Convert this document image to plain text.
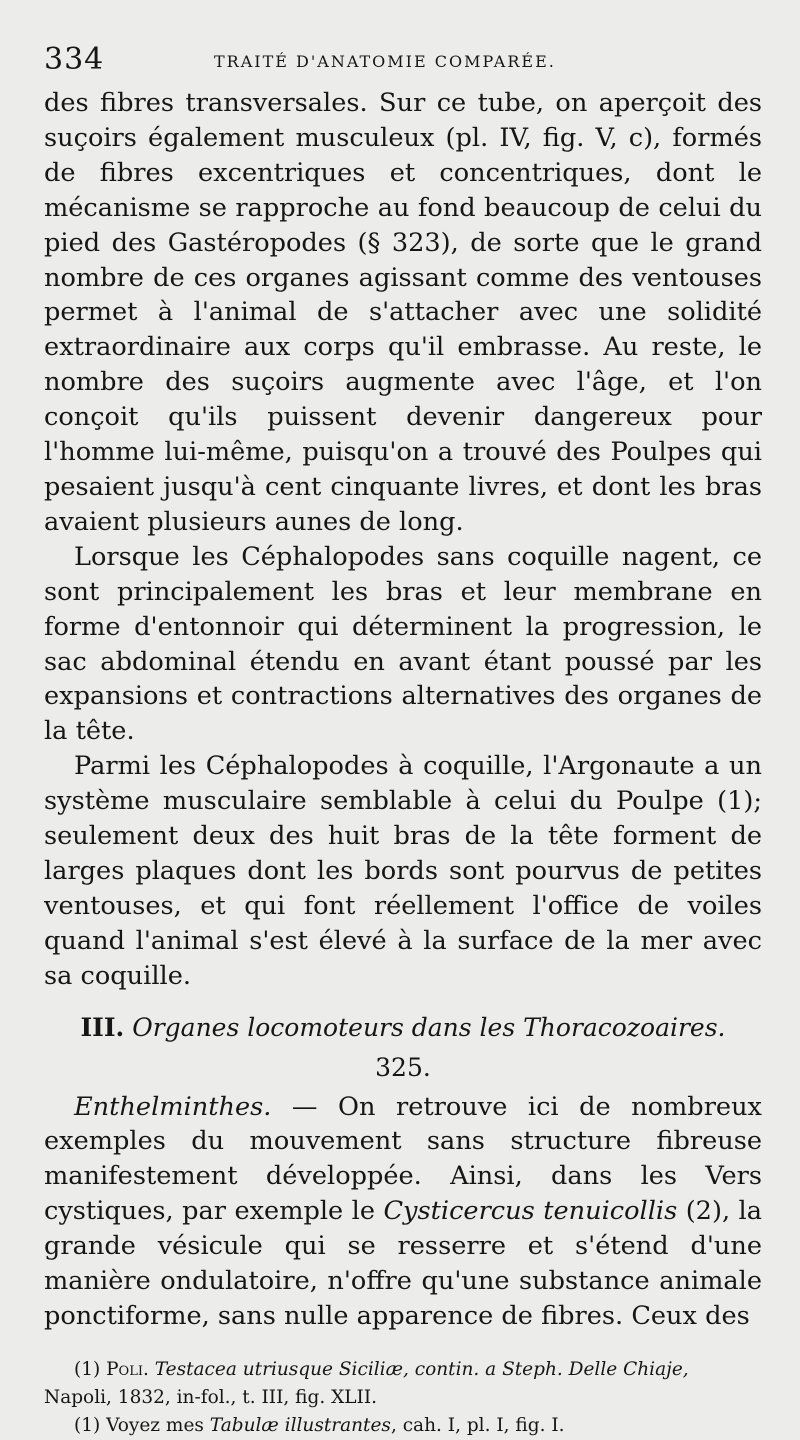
334	TRAITÉ D'ANATOMIE COMPARÉE.

des fibres transversales. Sur ce tube, on aperçoit des suçoirs également musculeux (pl. IV, fig. V, c), formés de fibres excentriques et concentriques, dont le mécanisme se rapproche au fond beaucoup de celui du pied des Gastéropodes (§ 323), de sorte que le grand nombre de ces organes agissant comme des ventouses permet à l'animal de s'attacher avec une solidité extraordinaire aux corps qu'il embrasse. Au reste, le nombre des suçoirs augmente avec l'âge, et l'on conçoit qu'ils puissent devenir dangereux pour l'homme lui-même, puisqu'on a trouvé des Poulpes qui pesaient jusqu'à cent cinquante livres, et dont les bras avaient plusieurs aunes de long.

Lorsque les Céphalopodes sans coquille nagent, ce sont principalement les bras et leur membrane en forme d'entonnoir qui déterminent la progression, le sac abdominal étendu en avant étant poussé par les expansions et contractions alternatives des organes de la tête.

Parmi les Céphalopodes à coquille, l'Argonaute a un système musculaire semblable à celui du Poulpe (1); seulement deux des huit bras de la tête forment de larges plaques dont les bords sont pourvus de petites ventouses, et qui font réellement l'office de voiles quand l'animal s'est élevé à la surface de la mer avec sa coquille.

III. Organes locomoteurs dans les Thoracozoaires.
325.

Enthelminthes. — On retrouve ici de nombreux exemples du mouvement sans structure fibreuse manifestement développée. Ainsi, dans les Vers cystiques, par exemple le Cysticercus tenuicollis (2), la grande vésicule qui se resserre et s'étend d'une manière ondulatoire, n'offre qu'une substance animale ponctiforme, sans nulle apparence de fibres. Ceux des

(1) Poli. Testacea utriusque Siciliæ, contin. a Steph. Delle Chiaje, Napoli, 1832, in-fol., t. III, fig. XLII.

(1) Voyez mes Tabulæ illustrantes, cah. I, pl. I, fig. I.
